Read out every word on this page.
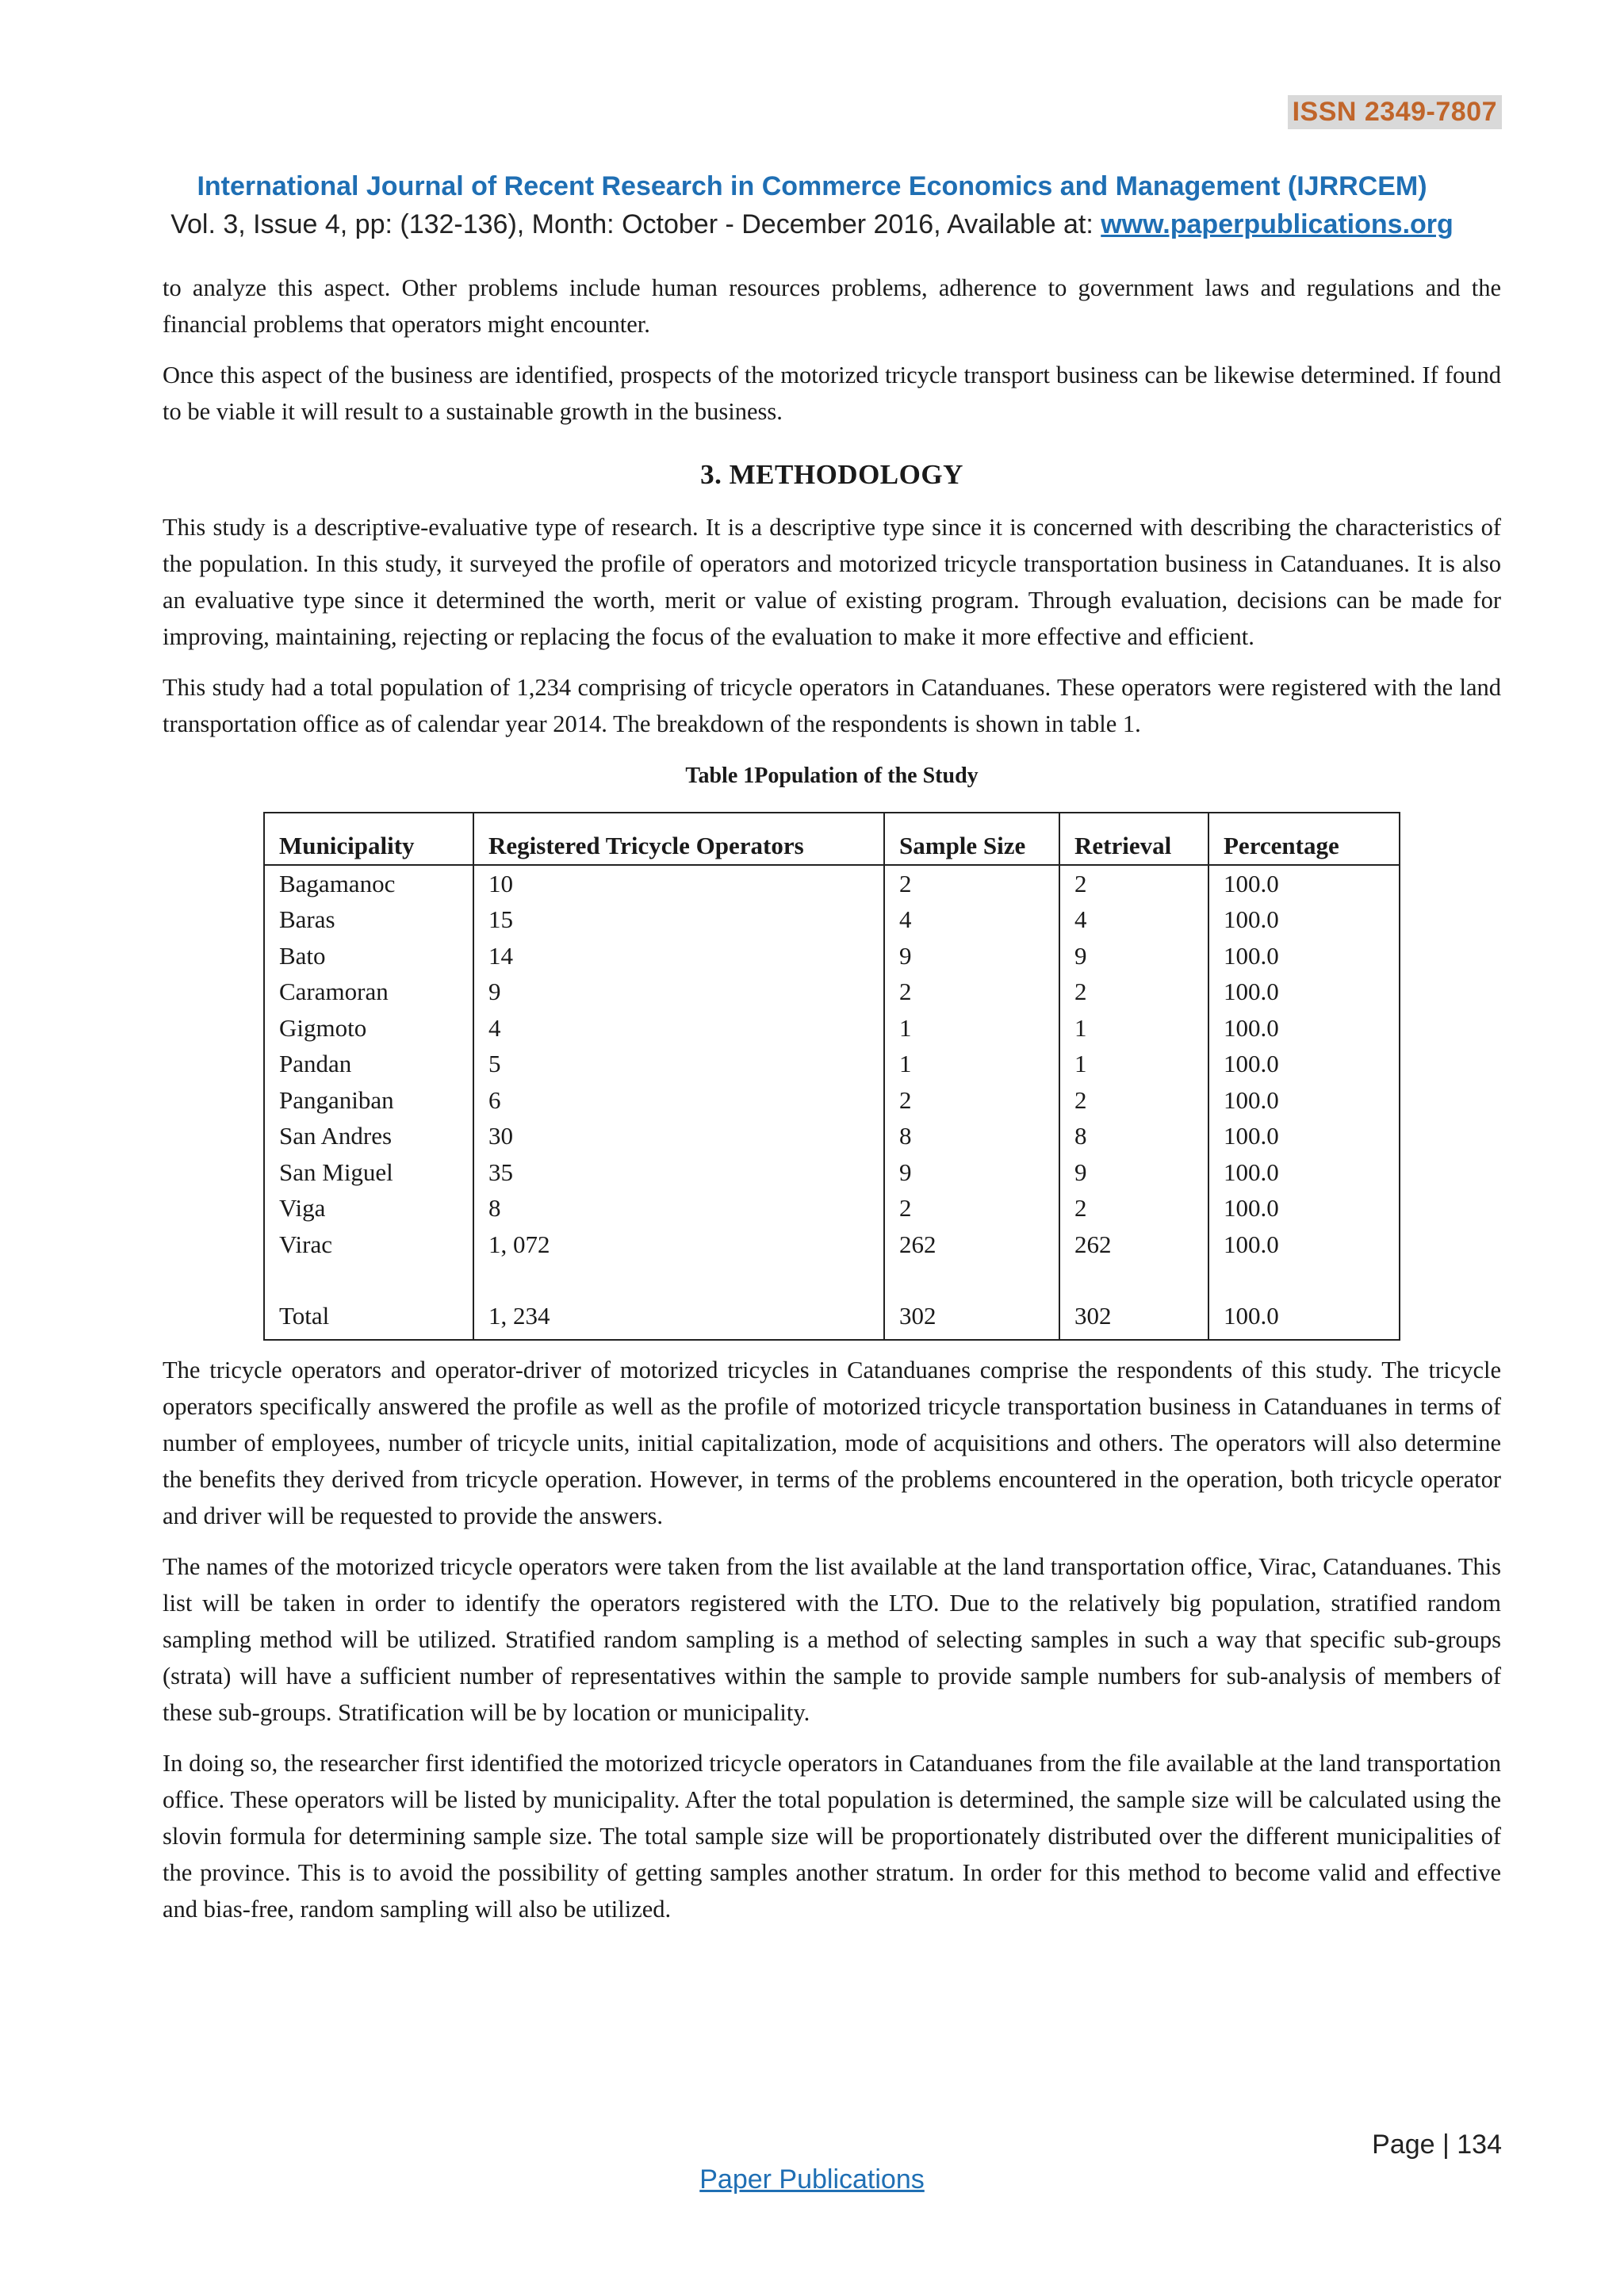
ISSN 2349-7807
International Journal of Recent Research in Commerce Economics and Management (IJRRCEM)
Vol. 3, Issue 4, pp: (132-136), Month: October - December 2016, Available at: www.paperpublications.org

to analyze this aspect. Other problems include human resources problems, adherence to government laws and regulations and the financial problems that operators might encounter.

Once this aspect of the business are identified, prospects of the motorized tricycle transport business can be likewise determined. If found to be viable it will result to a sustainable growth in the business.

3. METHODOLOGY

This study is a descriptive-evaluative type of research. It is a descriptive type since it is concerned with describing the characteristics of the population. In this study, it surveyed the profile of operators and motorized tricycle transportation business in Catanduanes. It is also an evaluative type since it determined the worth, merit or value of existing program. Through evaluation, decisions can be made for improving, maintaining, rejecting or replacing the focus of the evaluation to make it more effective and efficient.

This study had a total population of 1,234 comprising of tricycle operators in Catanduanes. These operators were registered with the land transportation office as of calendar year 2014. The breakdown of the respondents is shown in table 1.

Table 1Population of the Study
Municipality	Registered Tricycle Operators	Sample Size	Retrieval	Percentage
Bagamanoc	10	2	2	100.0
Baras	15	4	4	100.0
Bato	14	9	9	100.0
Caramoran	9	2	2	100.0
Gigmoto	4	1	1	100.0
Pandan	5	1	1	100.0
Panganiban	6	2	2	100.0
San Andres	30	8	8	100.0
San Miguel	35	9	9	100.0
Viga	8	2	2	100.0
Virac	1, 072	262	262	100.0

Total	1, 234	302	302	100.0

The tricycle operators and operator-driver of motorized tricycles in Catanduanes comprise the respondents of this study. The tricycle operators specifically answered the profile as well as the profile of motorized tricycle transportation business in Catanduanes in terms of number of employees, number of tricycle units, initial capitalization, mode of acquisitions and others. The operators will also determine the benefits they derived from tricycle operation. However, in terms of the problems encountered in the operation, both tricycle operator and driver will be requested to provide the answers.

The names of the motorized tricycle operators were taken from the list available at the land transportation office, Virac, Catanduanes. This list will be taken in order to identify the operators registered with the LTO. Due to the relatively big population, stratified random sampling method will be utilized. Stratified random sampling is a method of selecting samples in such a way that specific sub-groups (strata) will have a sufficient number of representatives within the sample to provide sample numbers for sub-analysis of members of these sub-groups. Stratification will be by location or municipality.

In doing so, the researcher first identified the motorized tricycle operators in Catanduanes from the file available at the land transportation office. These operators will be listed by municipality. After the total population is determined, the sample size will be calculated using the slovin formula for determining sample size. The total sample size will be proportionately distributed over the different municipalities of the province. This is to avoid the possibility of getting samples another stratum. In order for this method to become valid and effective and bias-free, random sampling will also be utilized.

Page | 134
Paper Publications
